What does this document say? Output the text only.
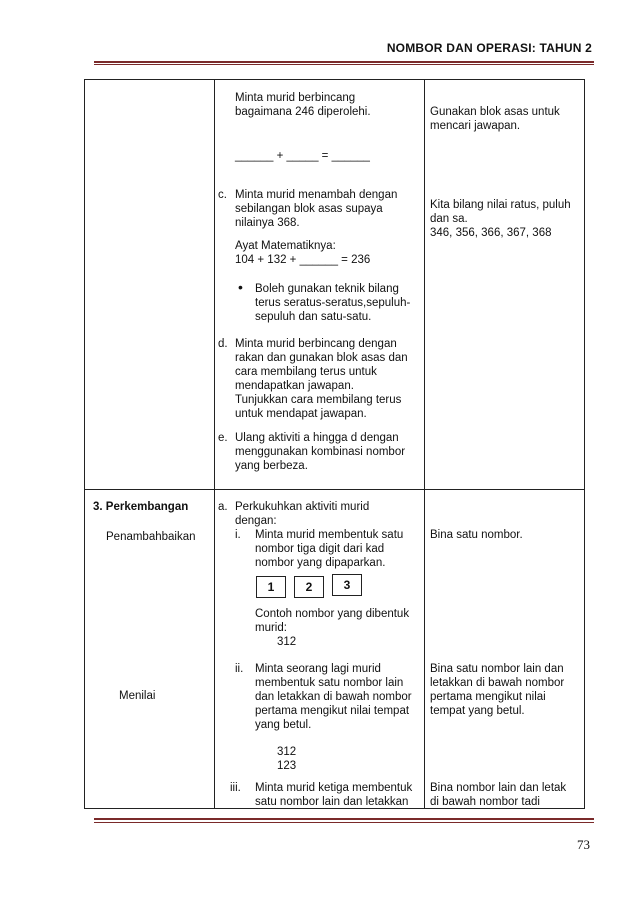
NOMBOR DAN OPERASI: TAHUN 2
Minta murid berbincang
bagaimana 246 diperolehi.
______ + _____ = ______
Gunakan blok asas untuk
mencari jawapan.
c. Minta murid menambah dengan
sebilangan blok asas supaya
nilainya 368.
Ayat Matematiknya:
104 + 132 + ______ = 236
• Boleh gunakan teknik bilang
terus seratus-seratus,sepuluh-
sepuluh dan satu-satu.
Kita bilang nilai ratus, puluh
dan sa.
346, 356, 366, 367, 368
d. Minta murid berbincang dengan
rakan dan gunakan blok asas dan
cara membilang terus untuk
mendapatkan jawapan.
Tunjukkan cara membilang terus
untuk mendapat jawapan.
e. Ulang aktiviti a hingga d dengan
menggunakan kombinasi nombor
yang berbeza.
3. Perkembangan
Penambahbaikan
Menilai
a. Perkukuhkan aktiviti murid
dengan:
i. Minta murid membentuk satu
nombor tiga digit dari kad
nombor yang dipaparkan.
1	2	3
Contoh nombor yang dibentuk
murid:
312
Bina satu nombor.
ii. Minta seorang lagi murid
membentuk satu nombor lain
dan letakkan di bawah nombor
pertama mengikut nilai tempat
yang betul.
312
123
Bina satu nombor lain dan
letakkan di bawah nombor
pertama mengikut nilai
tempat yang betul.
iii. Minta murid ketiga membentuk
satu nombor lain dan letakkan
Bina nombor lain dan letak
di bawah nombor tadi
73
